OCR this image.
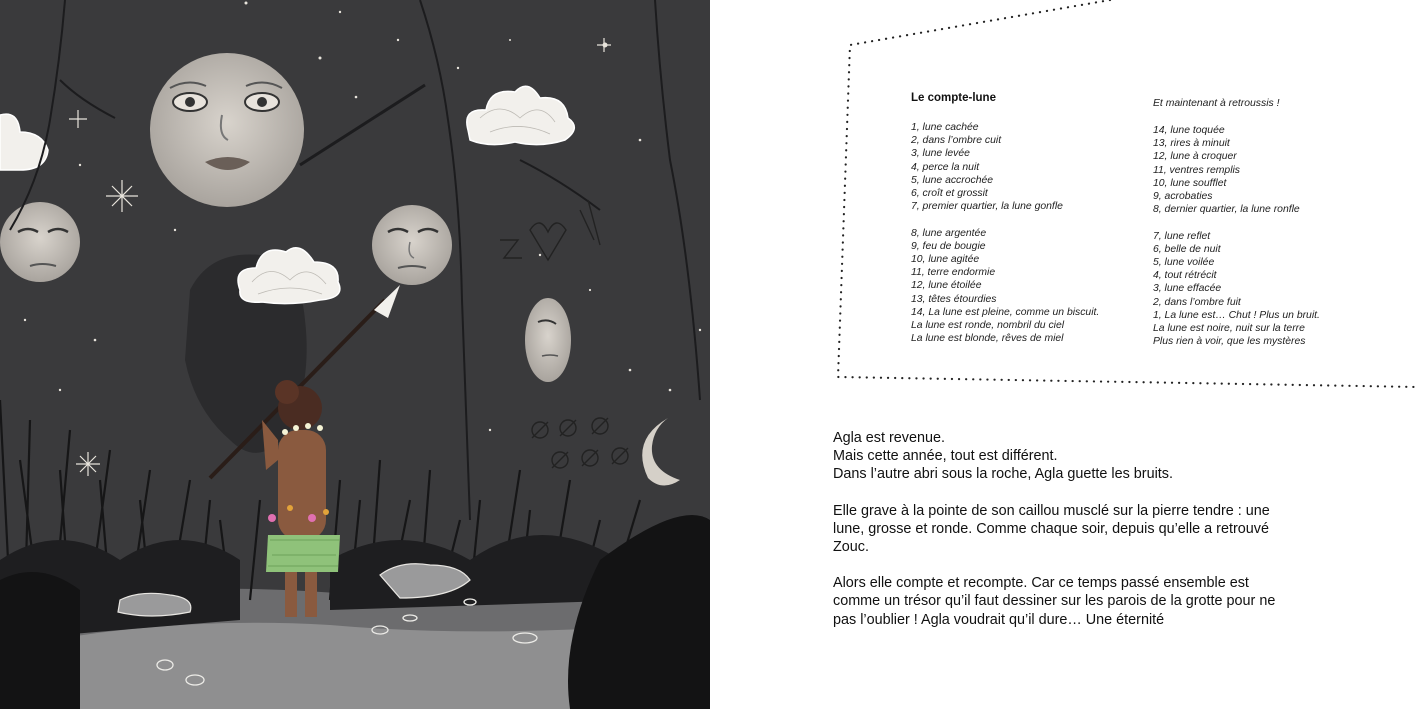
Le compte-lune
1, lune cachée
2, dans l’ombre cuit
3, lune levée
4, perce la nuit
5, lune accrochée
6, croît et grossit
7, premier quartier, la lune gonfle
8, lune argentée
9, feu de bougie
10, lune agitée
11, terre endormie
12, lune étoilée
13, têtes étourdies
14, La lune est pleine, comme un biscuit.
La lune est ronde, nombril du ciel
La lune est blonde, rêves de miel
Et maintenant à retroussis !
14, lune toquée
13, rires à minuit
12, lune à croquer
11, ventres remplis
10, lune soufflet
9, acrobaties
8, dernier quartier, la lune ronfle
7, lune reflet
6, belle de nuit
5, lune voilée
4, tout rétrécit
3, lune effacée
2, dans l’ombre fuit
1, La lune est… Chut ! Plus un bruit.
La lune est noire, nuit sur la terre
Plus rien à voir, que les mystères

Agla est revenue.
Mais cette année, tout est différent.
Dans l’autre abri sous la roche, Agla guette les bruits.

Elle grave à la pointe de son caillou musclé sur la pierre tendre : une
lune, grosse et ronde. Comme chaque soir, depuis qu’elle a retrouvé
Zouc.

Alors elle compte et recompte. Car ce temps passé ensemble est
comme un trésor qu’il faut dessiner sur les parois de la grotte pour ne
pas l’oublier ! Agla voudrait qu’il dure… Une éternité
